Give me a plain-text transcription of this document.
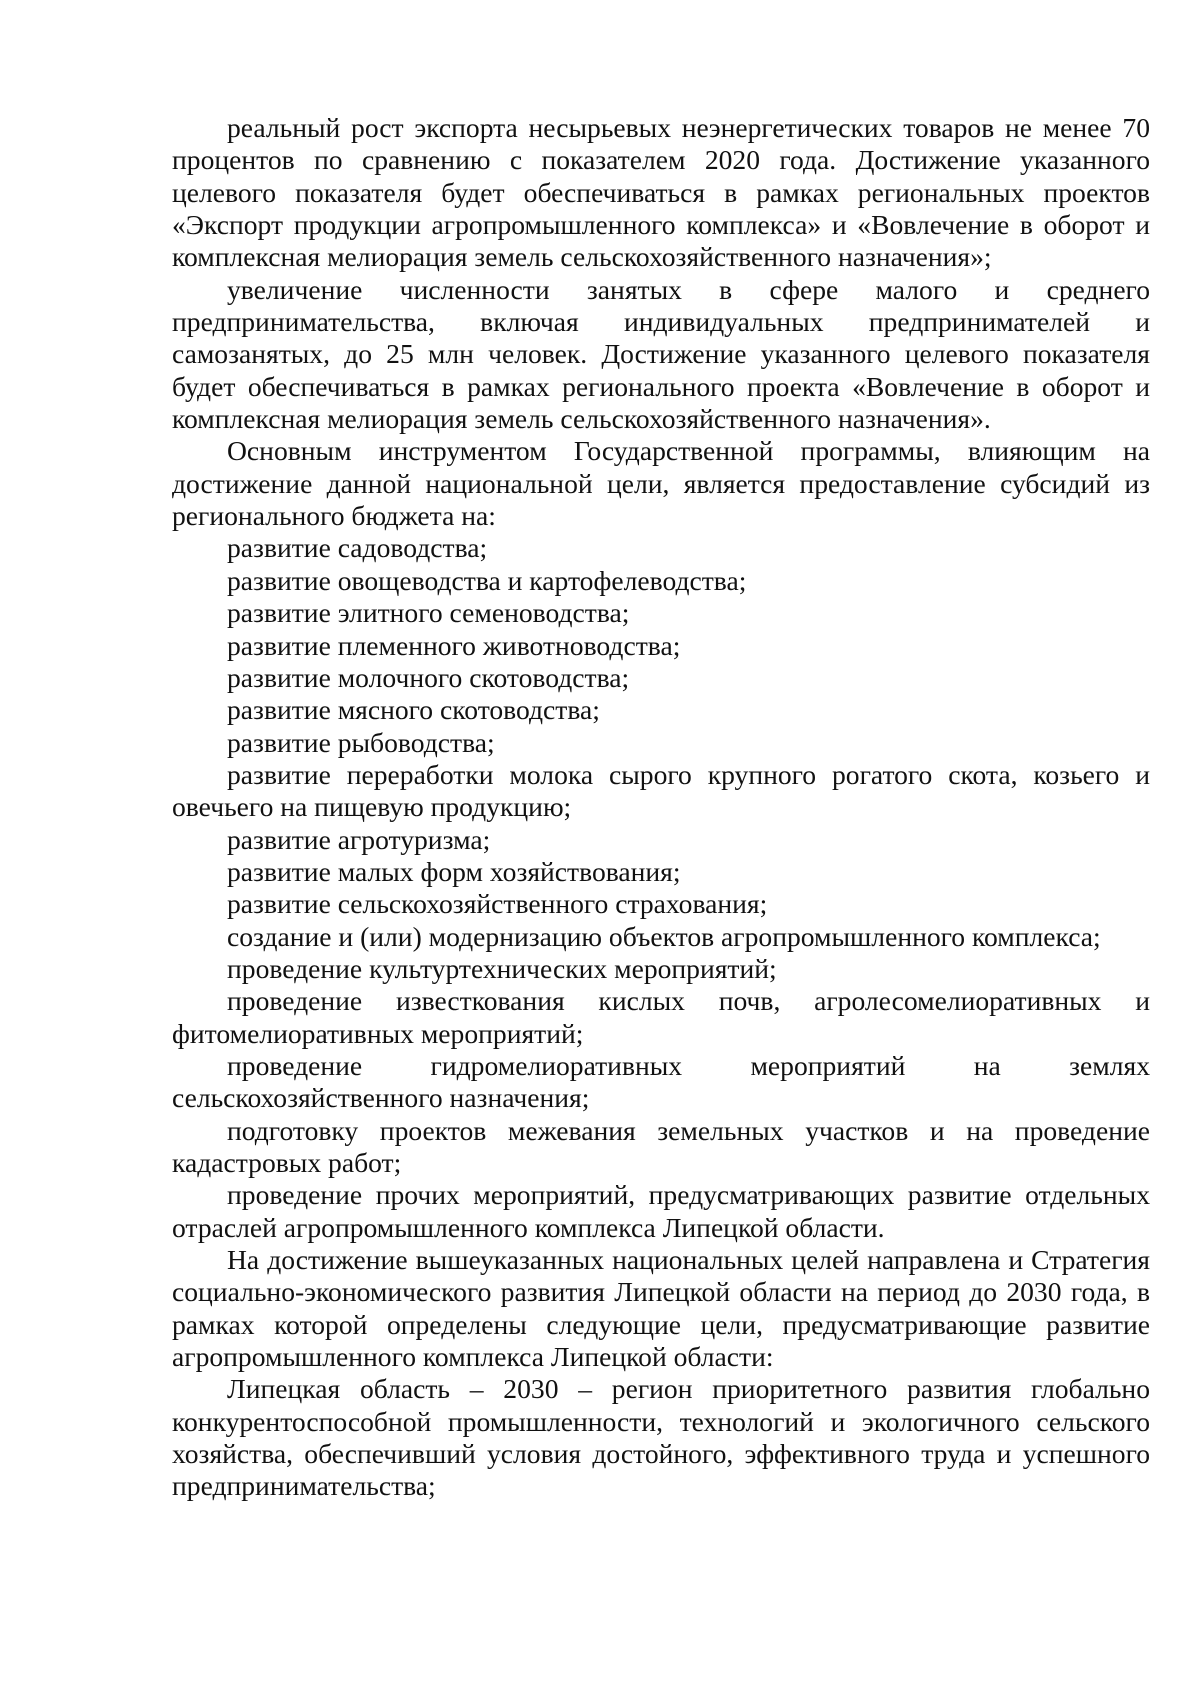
реальный рост экспорта несырьевых неэнергетических товаров не менее 70 процентов по сравнению с показателем 2020 года. Достижение указанного целевого показателя будет обеспечиваться в рамках региональных проектов «Экспорт продукции агропромышленного комплекса» и «Вовлечение в оборот и комплексная мелиорация земель сельскохозяйственного назначения»;

увеличение численности занятых в сфере малого и среднего предпринимательства, включая индивидуальных предпринимателей и самозанятых, до 25 млн человек. Достижение указанного целевого показателя будет обеспечиваться в рамках регионального проекта «Вовлечение в оборот и комплексная мелиорация земель сельскохозяйственного назначения».

Основным инструментом Государственной программы, влияющим на достижение данной национальной цели, является предоставление субсидий из регионального бюджета на:

развитие садоводства;

развитие овощеводства и картофелеводства;

развитие элитного семеноводства;

развитие племенного животноводства;

развитие молочного скотоводства;

развитие мясного скотоводства;

развитие рыбоводства;

развитие переработки молока сырого крупного рогатого скота, козьего и овечьего на пищевую продукцию;

развитие агротуризма;

развитие малых форм хозяйствования;

развитие сельскохозяйственного страхования;

создание и (или) модернизацию объектов агропромышленного комплекса;

проведение культуртехнических мероприятий;

проведение известкования кислых почв, агролесомелиоративных и фитомелиоративных мероприятий;

проведение гидромелиоративных мероприятий на землях сельскохозяйственного назначения;

подготовку проектов межевания земельных участков и на проведение кадастровых работ;

проведение прочих мероприятий, предусматривающих развитие отдельных отраслей агропромышленного комплекса Липецкой области.

На достижение вышеуказанных национальных целей направлена и Стратегия социально-экономического развития Липецкой области на период до 2030 года, в рамках которой определены следующие цели, предусматривающие развитие агропромышленного комплекса Липецкой области:

Липецкая область – 2030 – регион приоритетного развития глобально конкурентоспособной промышленности, технологий и экологичного сельского хозяйства, обеспечивший условия достойного, эффективного труда и успешного предпринимательства;
